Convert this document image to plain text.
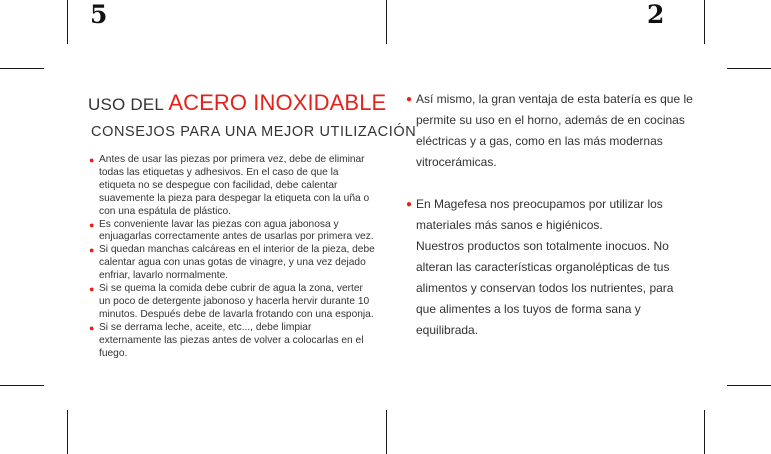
5	2
USO DEL ACERO INOXIDABLE
CONSEJOS PARA UNA MEJOR UTILIZACIÓN
● Antes de usar las piezas por primera vez, debe de eliminar todas las etiquetas y adhesivos. En el caso de que la etiqueta no se despegue con facilidad, debe calentar suavemente la pieza para despegar la etiqueta con la uña o con una espátula de plástico.
● Es conveniente lavar las piezas con agua jabonosa y enjuagarlas correctamente antes de usarlas por primera vez.
● Si quedan manchas calcáreas en el interior de la pieza, debe calentar agua con unas gotas de vinagre, y una vez dejado enfriar, lavarlo normalmente.
● Si se quema la comida debe cubrir de agua la zona, verter un poco de detergente jabonoso y hacerla hervir durante 10 minutos. Después debe de lavarla frotando con una esponja.
● Si se derrama leche, aceite, etc..., debe limpiar externamente las piezas antes de volver a colocarlas en el fuego.
● Así mismo, la gran ventaja de esta batería es que le permite su uso en el horno, además de en cocinas eléctricas y a gas, como en las más modernas vitrocerámicas.
● En Magefesa nos preocupamos por utilizar los materiales más sanos e higiénicos.
Nuestros productos son totalmente inocuos. No alteran las características organolépticas de tus alimentos y conservan todos los nutrientes, para que alimentes a los tuyos de forma sana y equilibrada.
